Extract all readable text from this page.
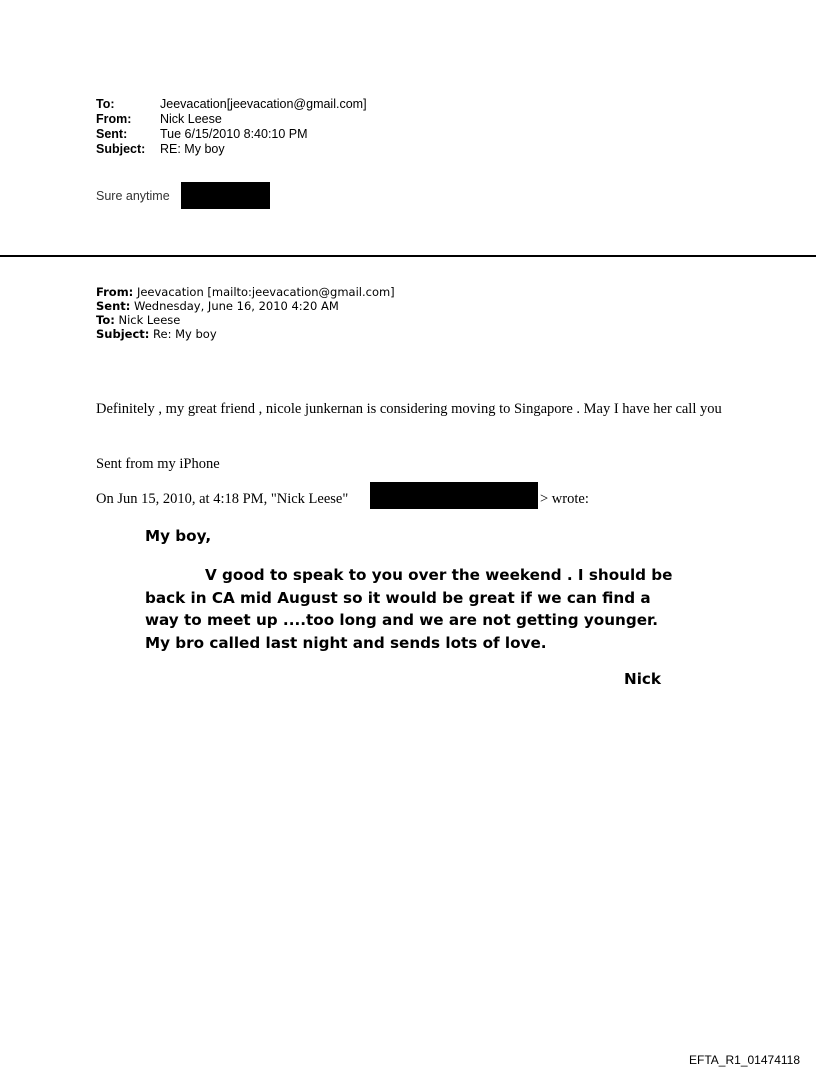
To:	Jeevacation[jeevacation@gmail.com]
From:	Nick Leese
Sent:	Tue 6/15/2010 8:40:10 PM
Subject:	RE: My boy
Sure anytime
From: Jeevacation [mailto:jeevacation@gmail.com]
Sent: Wednesday, June 16, 2010 4:20 AM
To: Nick Leese
Subject: Re: My boy
Definitely , my great friend , nicole junkernan is considering moving to Singapore . May I have her call you
Sent from my iPhone
On Jun 15, 2010, at 4:18 PM, "Nick Leese"	> wrote:
My boy,
V good to speak to you over the weekend . I should be back in CA mid August so it would be great if we can find a way to meet up ....too long and we are not getting younger. My bro called last night and sends lots of love.
Nick
EFTA_R1_01474118
